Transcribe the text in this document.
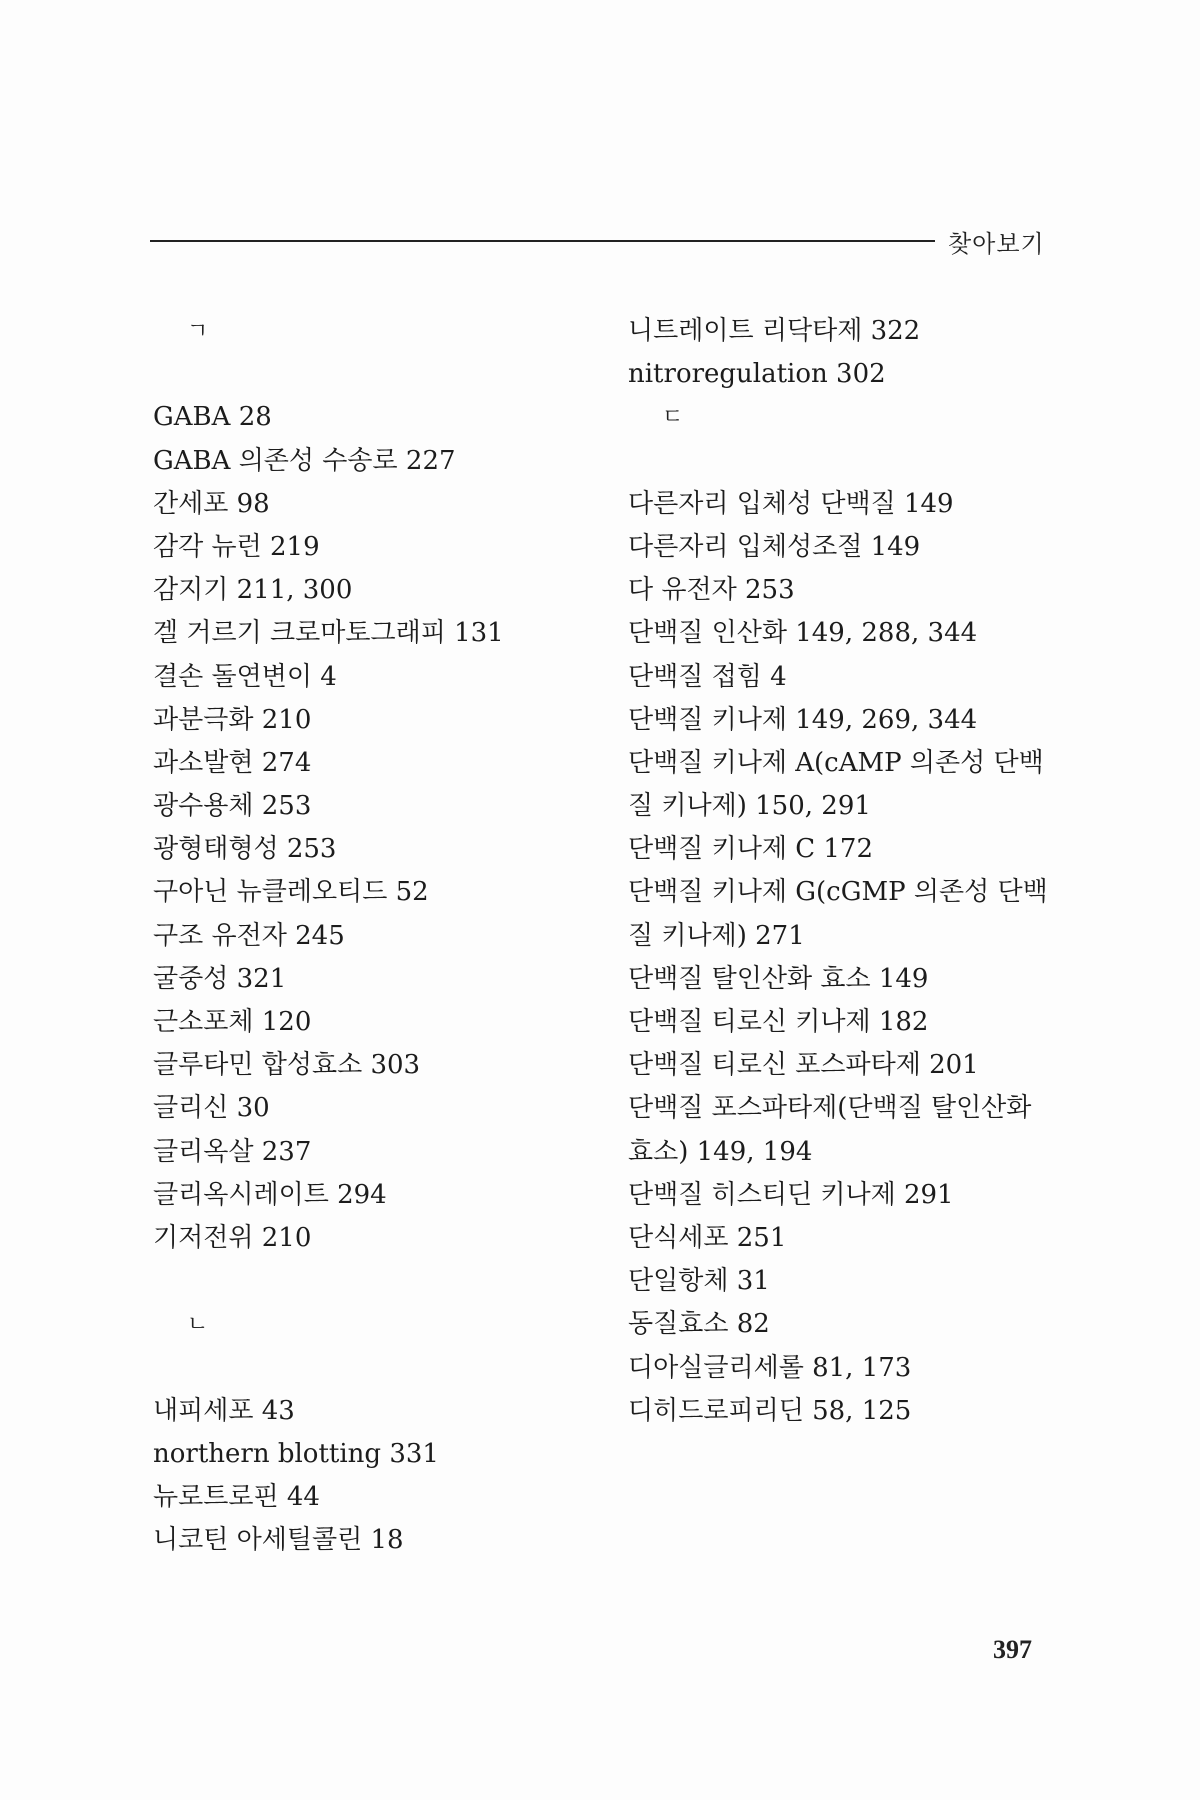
찾아보기
ㄱ
GABA 28
GABA 의존성 수송로 227
간세포 98
감각 뉴런 219
감지기 211, 300
겔 거르기 크로마토그래피 131
결손 돌연변이 4
과분극화 210
과소발현 274
광수용체 253
광형태형성 253
구아닌 뉴클레오티드 52
구조 유전자 245
굴중성 321
근소포체 120
글루타민 합성효소 303
글리신 30
글리옥살 237
글리옥시레이트 294
기저전위 210
ㄴ
내피세포 43
northern blotting 331
뉴로트로핀 44
니코틴 아세틸콜린 18
니트레이트 리닥타제 322
nitroregulation 302
ㄷ
다른자리 입체성 단백질 149
다른자리 입체성조절 149
다 유전자 253
단백질 인산화 149, 288, 344
단백질 접힘 4
단백질 키나제 149, 269, 344
단백질 키나제 A(cAMP 의존성 단백
질 키나제) 150, 291
단백질 키나제 C 172
단백질 키나제 G(cGMP 의존성 단백
질 키나제) 271
단백질 탈인산화 효소 149
단백질 티로신 키나제 182
단백질 티로신 포스파타제 201
단백질 포스파타제(단백질 탈인산화
효소) 149, 194
단백질 히스티딘 키나제 291
단식세포 251
단일항체 31
동질효소 82
디아실글리세롤 81, 173
디히드로피리딘 58, 125
397
